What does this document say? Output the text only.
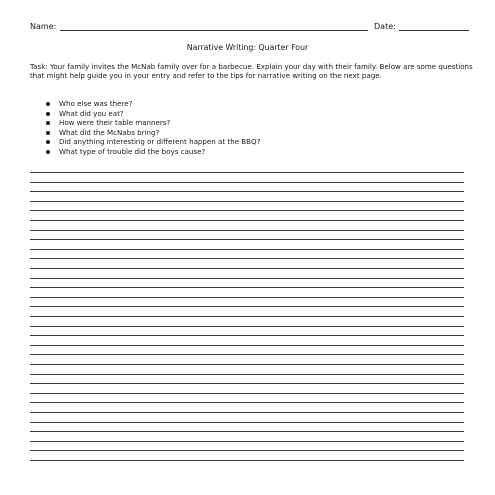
Name:	Date:
Narrative Writing: Quarter Four
Task: Your family invites the McNab family over for a barbecue. Explain your day with their family. Below are some questions that might help guide you in your entry and refer to the tips for narrative writing on the next page.
Who else was there?
What did you eat?
How were their table manners?
What did the McNabs bring?
Did anything interesting or different happen at the BBQ?
What type of trouble did the boys cause?
